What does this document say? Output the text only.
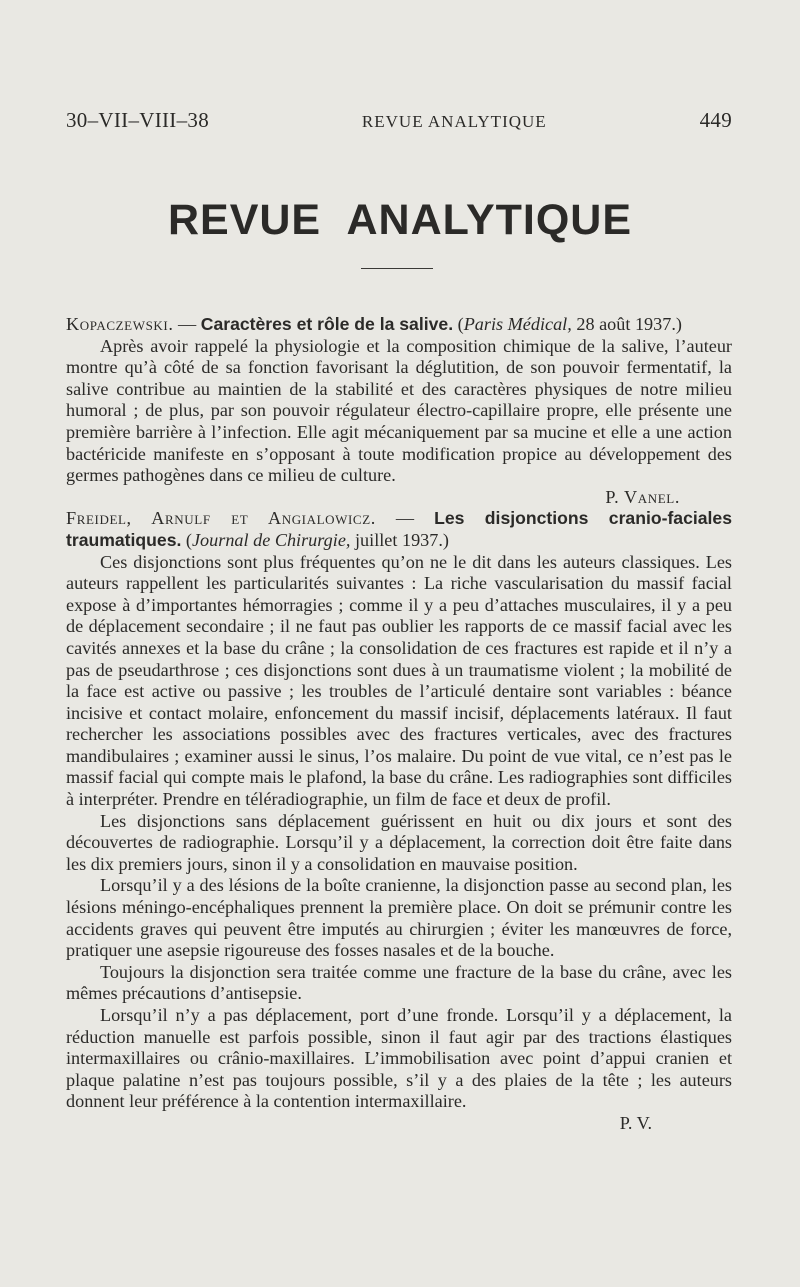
30–VII–VIII–38	REVUE ANALYTIQUE	449
REVUE ANALYTIQUE

Kopaczewski. — Caractères et rôle de la salive. (Paris Médical, 28 août 1937.)

Après avoir rappelé la physiologie et la composition chimique de la salive, l’auteur montre qu’à côté de sa fonction favorisant la déglutition, de son pouvoir fermentatif, la salive contribue au maintien de la stabilité et des caractères physiques de notre milieu humoral ; de plus, par son pouvoir régulateur électro-capillaire propre, elle présente une première barrière à l’infection. Elle agit mécaniquement par sa mucine et elle a une action bactéricide manifeste en s’opposant à toute modification propice au développement des germes pathogènes dans ce milieu de culture.

P. Vanel.

Freidel, Arnulf et Angialowicz. — Les disjonctions cranio-faciales traumatiques. (Journal de Chirurgie, juillet 1937.)

Ces disjonctions sont plus fréquentes qu’on ne le dit dans les auteurs classiques. Les auteurs rappellent les particularités suivantes : La riche vascularisation du massif facial expose à d’importantes hémorragies ; comme il y a peu d’attaches musculaires, il y a peu de déplacement secondaire ; il ne faut pas oublier les rapports de ce massif facial avec les cavités annexes et la base du crâne ; la consolidation de ces fractures est rapide et il n’y a pas de pseudarthrose ; ces disjonctions sont dues à un traumatisme violent ; la mobilité de la face est active ou passive ; les troubles de l’articulé dentaire sont variables : béance incisive et contact molaire, enfoncement du massif incisif, déplacements latéraux. Il faut rechercher les associations possibles avec des fractures verticales, avec des fractures mandibulaires ; examiner aussi le sinus, l’os malaire. Du point de vue vital, ce n’est pas le massif facial qui compte mais le plafond, la base du crâne. Les radiographies sont difficiles à interpréter. Prendre en téléradiographie, un film de face et deux de profil.

Les disjonctions sans déplacement guérissent en huit ou dix jours et sont des découvertes de radiographie. Lorsqu’il y a déplacement, la correction doit être faite dans les dix premiers jours, sinon il y a consolidation en mauvaise position.

Lorsqu’il y a des lésions de la boîte cranienne, la disjonction passe au second plan, les lésions méningo-encéphaliques prennent la première place. On doit se prémunir contre les accidents graves qui peuvent être imputés au chirurgien ; éviter les manœuvres de force, pratiquer une asepsie rigoureuse des fosses nasales et de la bouche.

Toujours la disjonction sera traitée comme une fracture de la base du crâne, avec les mêmes précautions d’antisepsie.

Lorsqu’il n’y a pas déplacement, port d’une fronde. Lorsqu’il y a déplacement, la réduction manuelle est parfois possible, sinon il faut agir par des tractions élastiques intermaxillaires ou crânio-maxillaires. L’immobilisation avec point d’appui cranien et plaque palatine n’est pas toujours possible, s’il y a des plaies de la tête ; les auteurs donnent leur préférence à la contention intermaxillaire.

P. V.
